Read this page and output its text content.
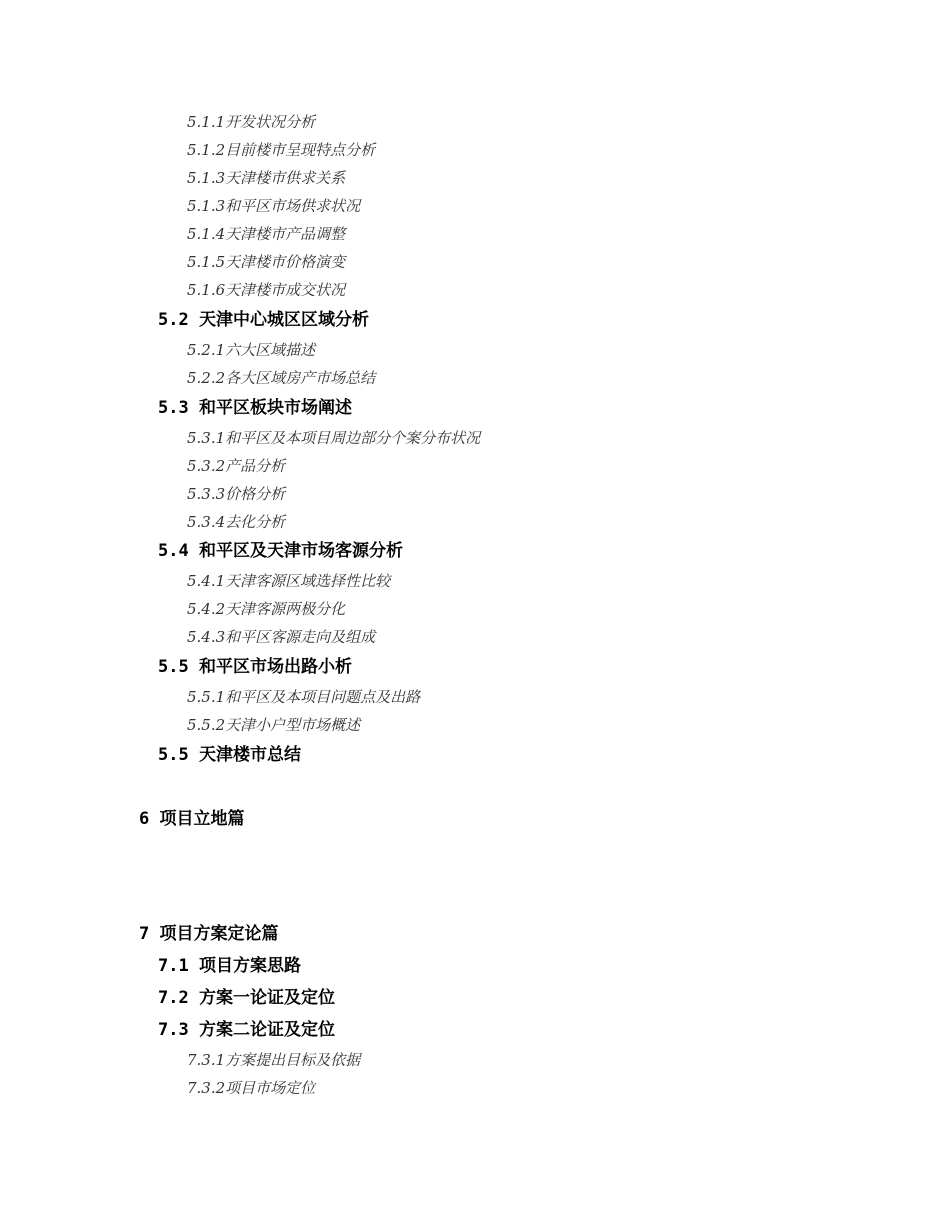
5.1.1开发状况分析
5.1.2目前楼市呈现特点分析
5.1.3天津楼市供求关系
5.1.3和平区市场供求状况
5.1.4天津楼市产品调整
5.1.5天津楼市价格演变
5.1.6天津楼市成交状况
5.2 天津中心城区区域分析
5.2.1六大区域描述
5.2.2各大区域房产市场总结
5.3 和平区板块市场阐述
5.3.1和平区及本项目周边部分个案分布状况
5.3.2产品分析
5.3.3价格分析
5.3.4去化分析
5.4 和平区及天津市场客源分析
5.4.1天津客源区域选择性比较
5.4.2天津客源两极分化
5.4.3和平区客源走向及组成
5.5 和平区市场出路小析
5.5.1和平区及本项目问题点及出路
5.5.2天津小户型市场概述
5.5 天津楼市总结
6 项目立地篇
7 项目方案定论篇
7.1 项目方案思路
7.2 方案一论证及定位
7.3 方案二论证及定位
7.3.1方案提出目标及依据
7.3.2项目市场定位
